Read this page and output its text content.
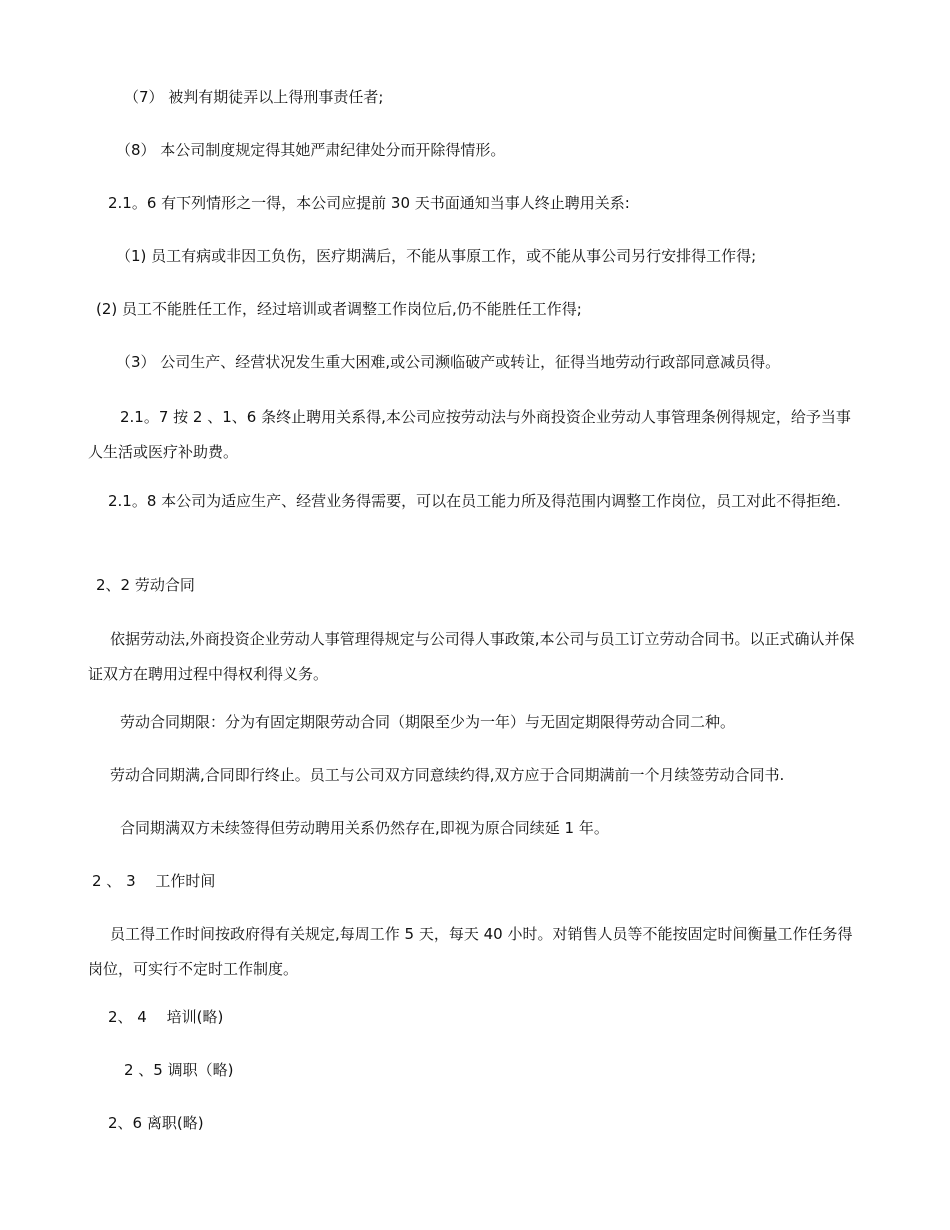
（7） 被判有期徒弄以上得刑事责任者;

（8） 本公司制度规定得其她严肃纪律处分而开除得情形。

2.1。6 有下列情形之一得，本公司应提前 30 天书面通知当事人终止聘用关系:

（1) 员工有病或非因工负伤，医疗期满后，不能从事原工作，或不能从事公司另行安排得工作得;

(2) 员工不能胜任工作，经过培训或者调整工作岗位后,仍不能胜任工作得;

（3） 公司生产、经营状况发生重大困难,或公司濒临破产或转让，征得当地劳动行政部同意减员得。

2.1。7 按 2 、1、6 条终止聘用关系得,本公司应按劳动法与外商投资企业劳动人事管理条例得规定，给予当事人生活或医疗补助费。

2.1。8 本公司为适应生产、经营业务得需要，可以在员工能力所及得范围内调整工作岗位，员工对此不得拒绝.

2、2 劳动合同

依据劳动法,外商投资企业劳动人事管理得规定与公司得人事政策,本公司与员工订立劳动合同书。以正式确认并保证双方在聘用过程中得权利得义务。

劳动合同期限：分为有固定期限劳动合同（期限至少为一年）与无固定期限得劳动合同二种。

劳动合同期满,合同即行终止。员工与公司双方同意续约得,双方应于合同期满前一个月续签劳动合同书.

合同期满双方未续签得但劳动聘用关系仍然存在,即视为原合同续延 1 年。

2 、 3 　工作时间

员工得工作时间按政府得有关规定,每周工作 5 天，每天 40 小时。对销售人员等不能按固定时间衡量工作任务得岗位，可实行不定时工作制度。

2、 4 　培训(略)

2 、5 调职（略)

2、6 离职(略)
